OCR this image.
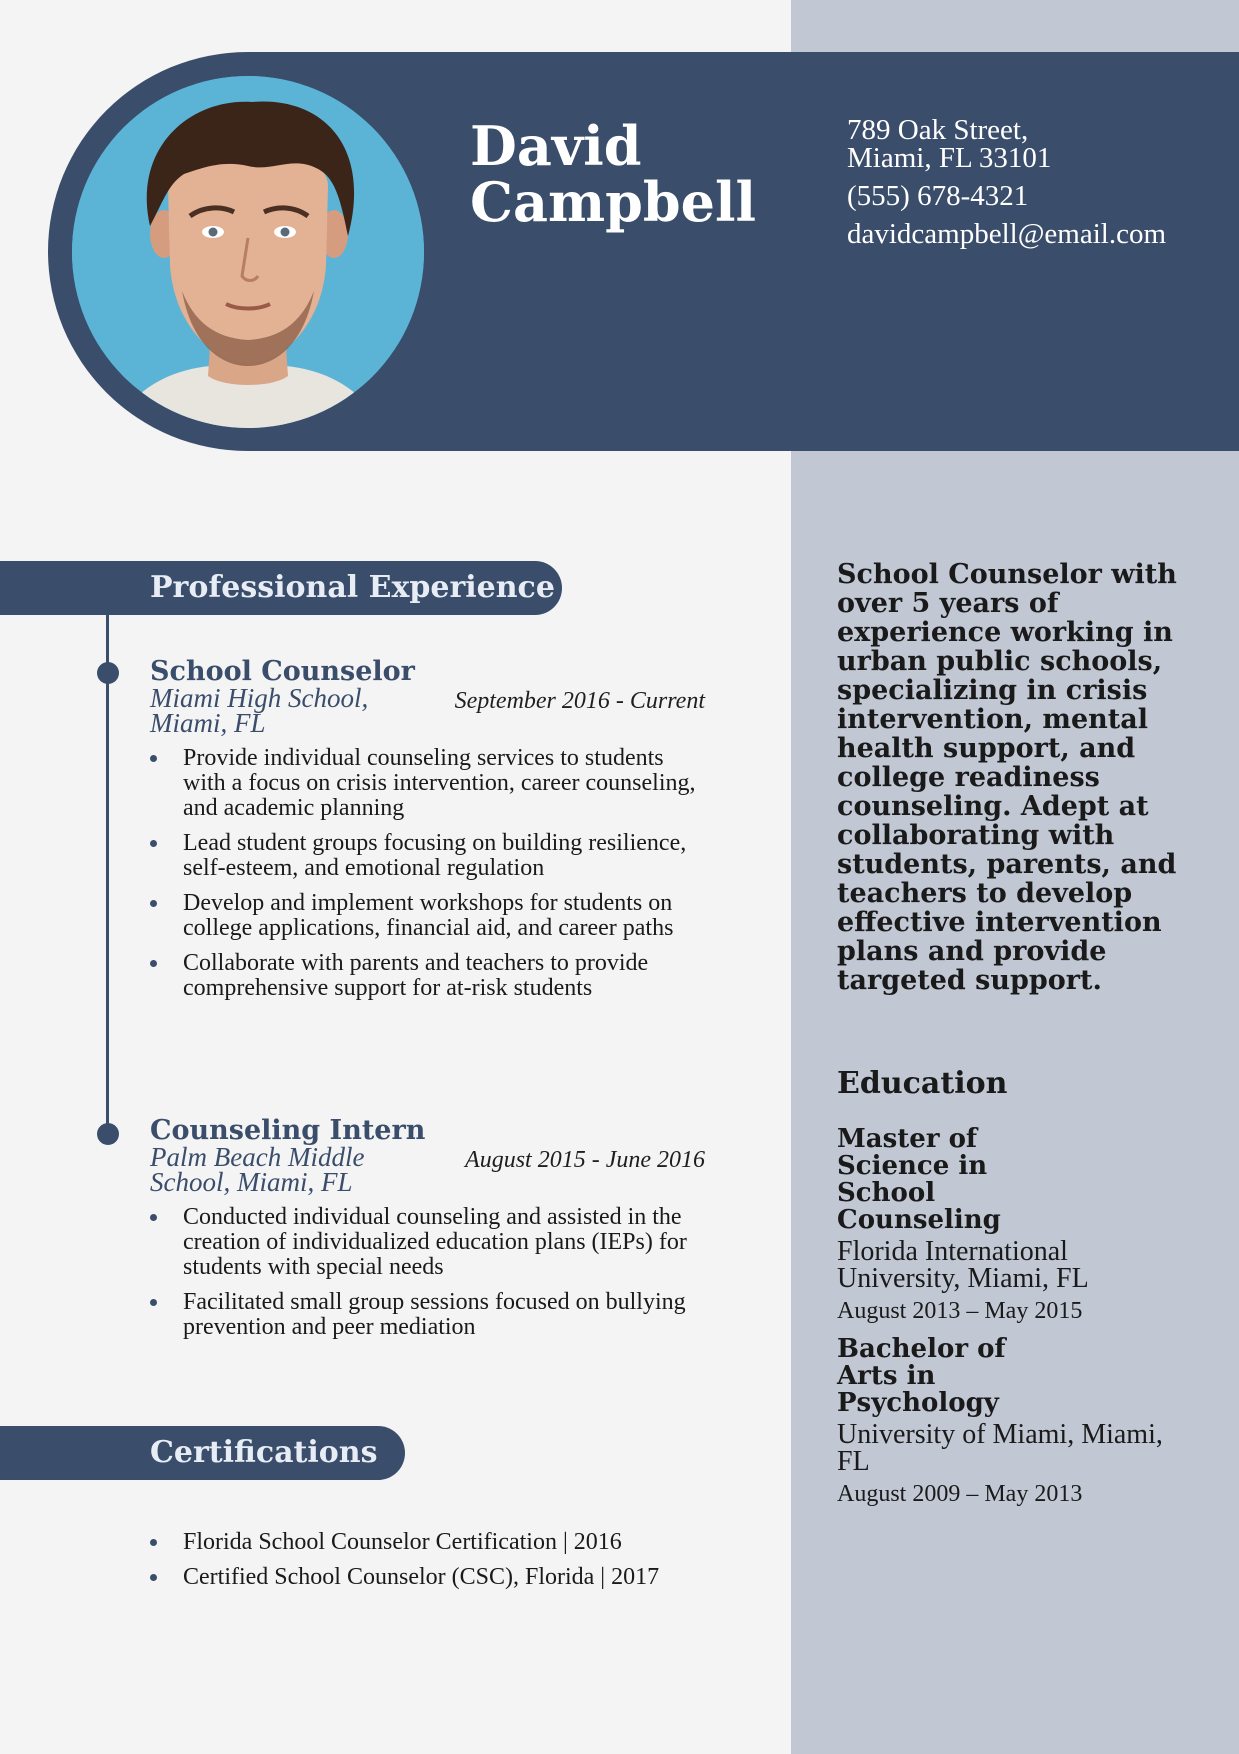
David
Campbell
789 Oak Street,
Miami, FL 33101
(555) 678-4321
davidcampbell@email.com
Professional Experience
School Counselor
Miami High School, Miami, FL
September 2016 - Current
Provide individual counseling services to students with a focus on crisis intervention, career counseling, and academic planning
Lead student groups focusing on building resilience, self-esteem, and emotional regulation
Develop and implement workshops for students on college applications, financial aid, and career paths
Collaborate with parents and teachers to provide comprehensive support for at-risk students
Counseling Intern
Palm Beach Middle School, Miami, FL
August 2015 - June 2016
Conducted individual counseling and assisted in the creation of individualized education plans (IEPs) for students with special needs
Facilitated small group sessions focused on bullying prevention and peer mediation
Certifications
Florida School Counselor Certification | 2016
Certified School Counselor (CSC), Florida | 2017
School Counselor with over 5 years of experience working in urban public schools, specializing in crisis intervention, mental health support, and college readiness counseling. Adept at collaborating with students, parents, and teachers to develop effective intervention plans and provide targeted support.
Education
Master of Science in School Counseling
Florida International University, Miami, FL
August 2013 – May 2015
Bachelor of Arts in Psychology
University of Miami, Miami, FL
August 2009 – May 2013
